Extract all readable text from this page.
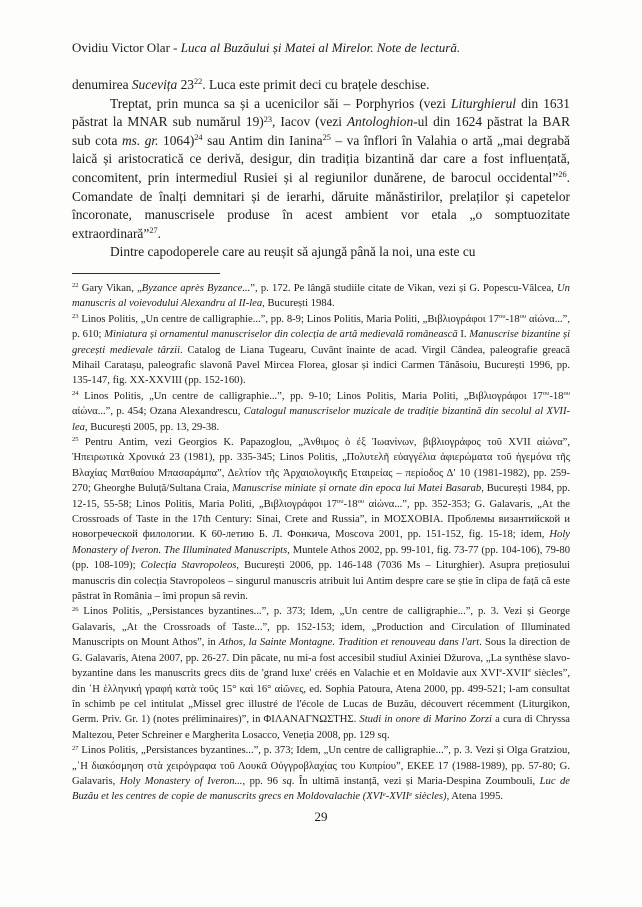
Ovidiu Victor Olar - Luca al Buzăului și Matei al Mirelor. Note de lectură.

denumirea Sucevița $23^{22}$. Luca este primit deci cu brațele deschise.

Treptat, prin munca sa și a ucenicilor săi – Porphyrios (vezi Liturghierul din 1631 păstrat la MNAR sub numărul 19)$^{23}$, Iacov (vezi Antologhion-ul din 1624 păstrat la BAR sub cota ms. gr. 1064)$^{24}$ sau Antim din Ianina$^{25}$ – va înflori în Valahia o artă „mai degrabă laică și aristocratică ce derivă, desigur, din tradiția bizantină dar care a fost influențată, concomitent, prin intermediul Rusiei și al regiunilor dunărene, de barocul occidental”$^{26}$. Comandate de înalți demnitari și de ierarhi, dăruite mănăstirilor, prelaților și capetelor încoronate, manuscrisele produse în acest ambient vor etala „o somptuozitate extraordinară”$^{27}$.

Dintre capodoperele care au reușit să ajungă până la noi, una este cu

$^{22}$ Gary Vikan, „Byzance après Byzance...”, p. 172. Pe lângă studiile citate de Vikan, vezi și G. Popescu-Vâlcea, Un manuscris al voievodului Alexandru al II-lea, București 1984.

$^{23}$ Linos Politis, „Un centre de calligraphie...”, pp. 8-9; Linos Politis, Maria Politi, „Βιβλιογράφοι $17^{o\upsilon}-18^{o\upsilon}$ αἰώνα...”, p. 610; Miniatura și ornamentul manuscriselor din colecția de artă medievală românească I. Manuscrise bizantine și grecești medievale târzii. Catalog de Liana Tugearu, Cuvânt înainte de acad. Virgil Cândea, paleografie greacă Mihail Caratașu, paleografic slavonă Pavel Mircea Florea, glosar și indici Carmen Tănăsoiu, București 1996, pp. 135-147, fig. XX-XXVIII (pp. 152-160).

$^{24}$ Linos Politis, „Un centre de calligraphie...”, pp. 9-10; Linos Politis, Maria Politi, „Βιβλιογράφοι $17^{o\upsilon}-18^{o\upsilon}$ αἰώνα...”, p. 454; Ozana Alexandrescu, Catalogul manuscriselor muzicale de tradiție bizantină din secolul al XVII-lea, București 2005, pp. 13, 29-38.

$^{25}$ Pentru Antim, vezi Georgios K. Papazoglou, „Ἀνθιμος ὁ ἐξ Ἰωανίνων, βιβλιογράφος τοῦ XVII αἰώνα”, Ἠπειρωτικὰ Χρονικά 23 (1981), pp. 335-345; Linos Politis, „Πολυτελῆ εὐαγγέλια ἀφιερώματα τοῦ ἡγεμόνα τῆς Βλαχίας Ματθαίου Μπασαράμπα”, Δελτίον τῆς Ἀρχαιολογικῆς Εταιρείας – περίοδος Δ′ 10 (1981-1982), pp. 259-270; Gheorghe Buluță/Sultana Craia, Manuscrise miniate și ornate din epoca lui Matei Basarab, București 1984, pp. 12-15, 55-58; Linos Politis, Maria Politi, „Βιβλιογράφοι $17^{o\upsilon}-18^{o\upsilon}$ αἰώνα...”, pp. 352-353; G. Galavaris, „At the Crossroads of Taste in the 17th Century: Sinai, Crete and Russia”, in ΜΟΣΧΟΒΙΑ. Проблемы византийской и новогреческой филологии. К 60-летию Б. Л. Фонкича, Moscova 2001, pp. 151-152, fig. 15-18; idem, Holy Monastery of Iveron. The Illuminated Manuscripts, Muntele Athos 2002, pp. 99-101, fig. 73-77 (pp. 104-106), 79-80 (pp. 108-109); Colecția Stavropoleos, București 2006, pp. 146-148 (7036 Ms – Liturghier). Asupra prețiosului manuscris din colecția Stavropoleos – singurul manuscris atribuit lui Antim despre care se știe în clipa de față că este păstrat în România – îmi propun să revin.

$^{26}$ Linos Politis, „Persistances byzantines...”, p. 373; Idem, „Un centre de calligraphie...”, p. 3. Vezi și George Galavaris, „At the Crossroads of Taste...”, pp. 152-153; idem, „Production and Circulation of Illuminated Manuscripts on Mount Athos”, in Athos, la Sainte Montagne. Tradition et renouveau dans l'art. Sous la direction de G. Galavaris, Atena 2007, pp. 26-27. Din păcate, nu mi-a fost accesibil studiul Axiniei Džurova, „La synthèse slavo-byzantine dans les manuscrits grecs dits de 'grand luxe' créés en Valachie et en Moldavie aux XVIe-XVIIe siècles”, din ῾Η ἑλληνική γραφή κατὰ τοῦς 15° καὶ 16° αἰῶνες, ed. Sophia Patoura, Atena 2000, pp. 499-521; l-am consultat în schimb pe cel intitulat „Missel grec illustré de l'école de Lucas de Buzău, découvert récemment (Liturgikon, Germ. Priv. Gr. 1) (notes préliminaires)”, in ΦΙΛΑΝΑΓΝΩΣΤΗΣ. Studi in onore di Marino Zorzi a cura di Chryssa Maltezou, Peter Schreiner e Margherita Losacco, Veneția 2008, pp. 129 sq.

$^{27}$ Linos Politis, „Persistances byzantines...”, p. 373; Idem, „Un centre de calligraphie...”, p. 3. Vezi și Olga Gratziou, „῾Η διακόσμηση στὰ χειρόγραφα τοῦ Λουκᾶ Οὐγγροβλαχίας του Κυπρίου”, ΕΚΕΕ 17 (1988-1989), pp. 57-80; G. Galavaris, Holy Monastery of Iveron..., pp. 96 sq. În ultimă instanță, vezi și Maria-Despina Zoumbouli, Luc de Buzău et les centres de copie de manuscrits grecs en Moldovalachie (XVIe-XVIIe siècles), Atena 1995.

29
